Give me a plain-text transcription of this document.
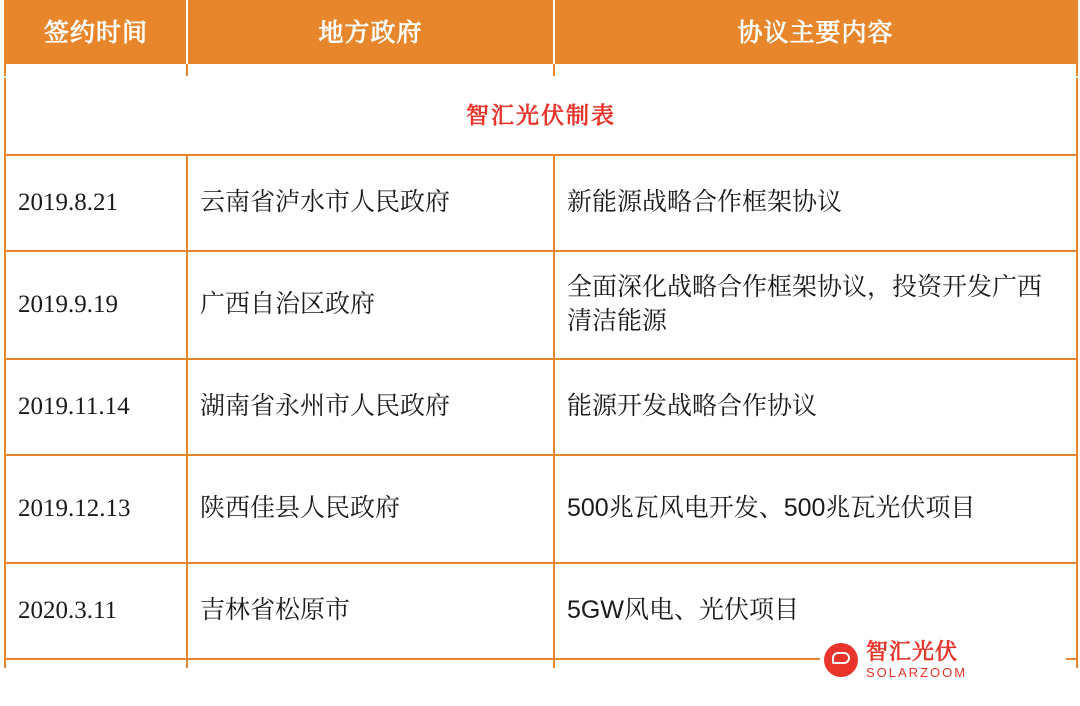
签约时间	地方政府	协议主要内容
智汇光伏制表		
2019.8.21	云南省泸水市人民政府	新能源战略合作框架协议
2019.9.19	广西自治区政府	全面深化战略合作框架协议，投资开发广西清洁能源
2019.11.14	湖南省永州市人民政府	能源开发战略合作协议
2019.12.13	陕西佳县人民政府	500兆瓦风电开发、500兆瓦光伏项目
2020.3.11	吉林省松原市	5GW风电、光伏项目

智汇光伏
SOLARZOOM
